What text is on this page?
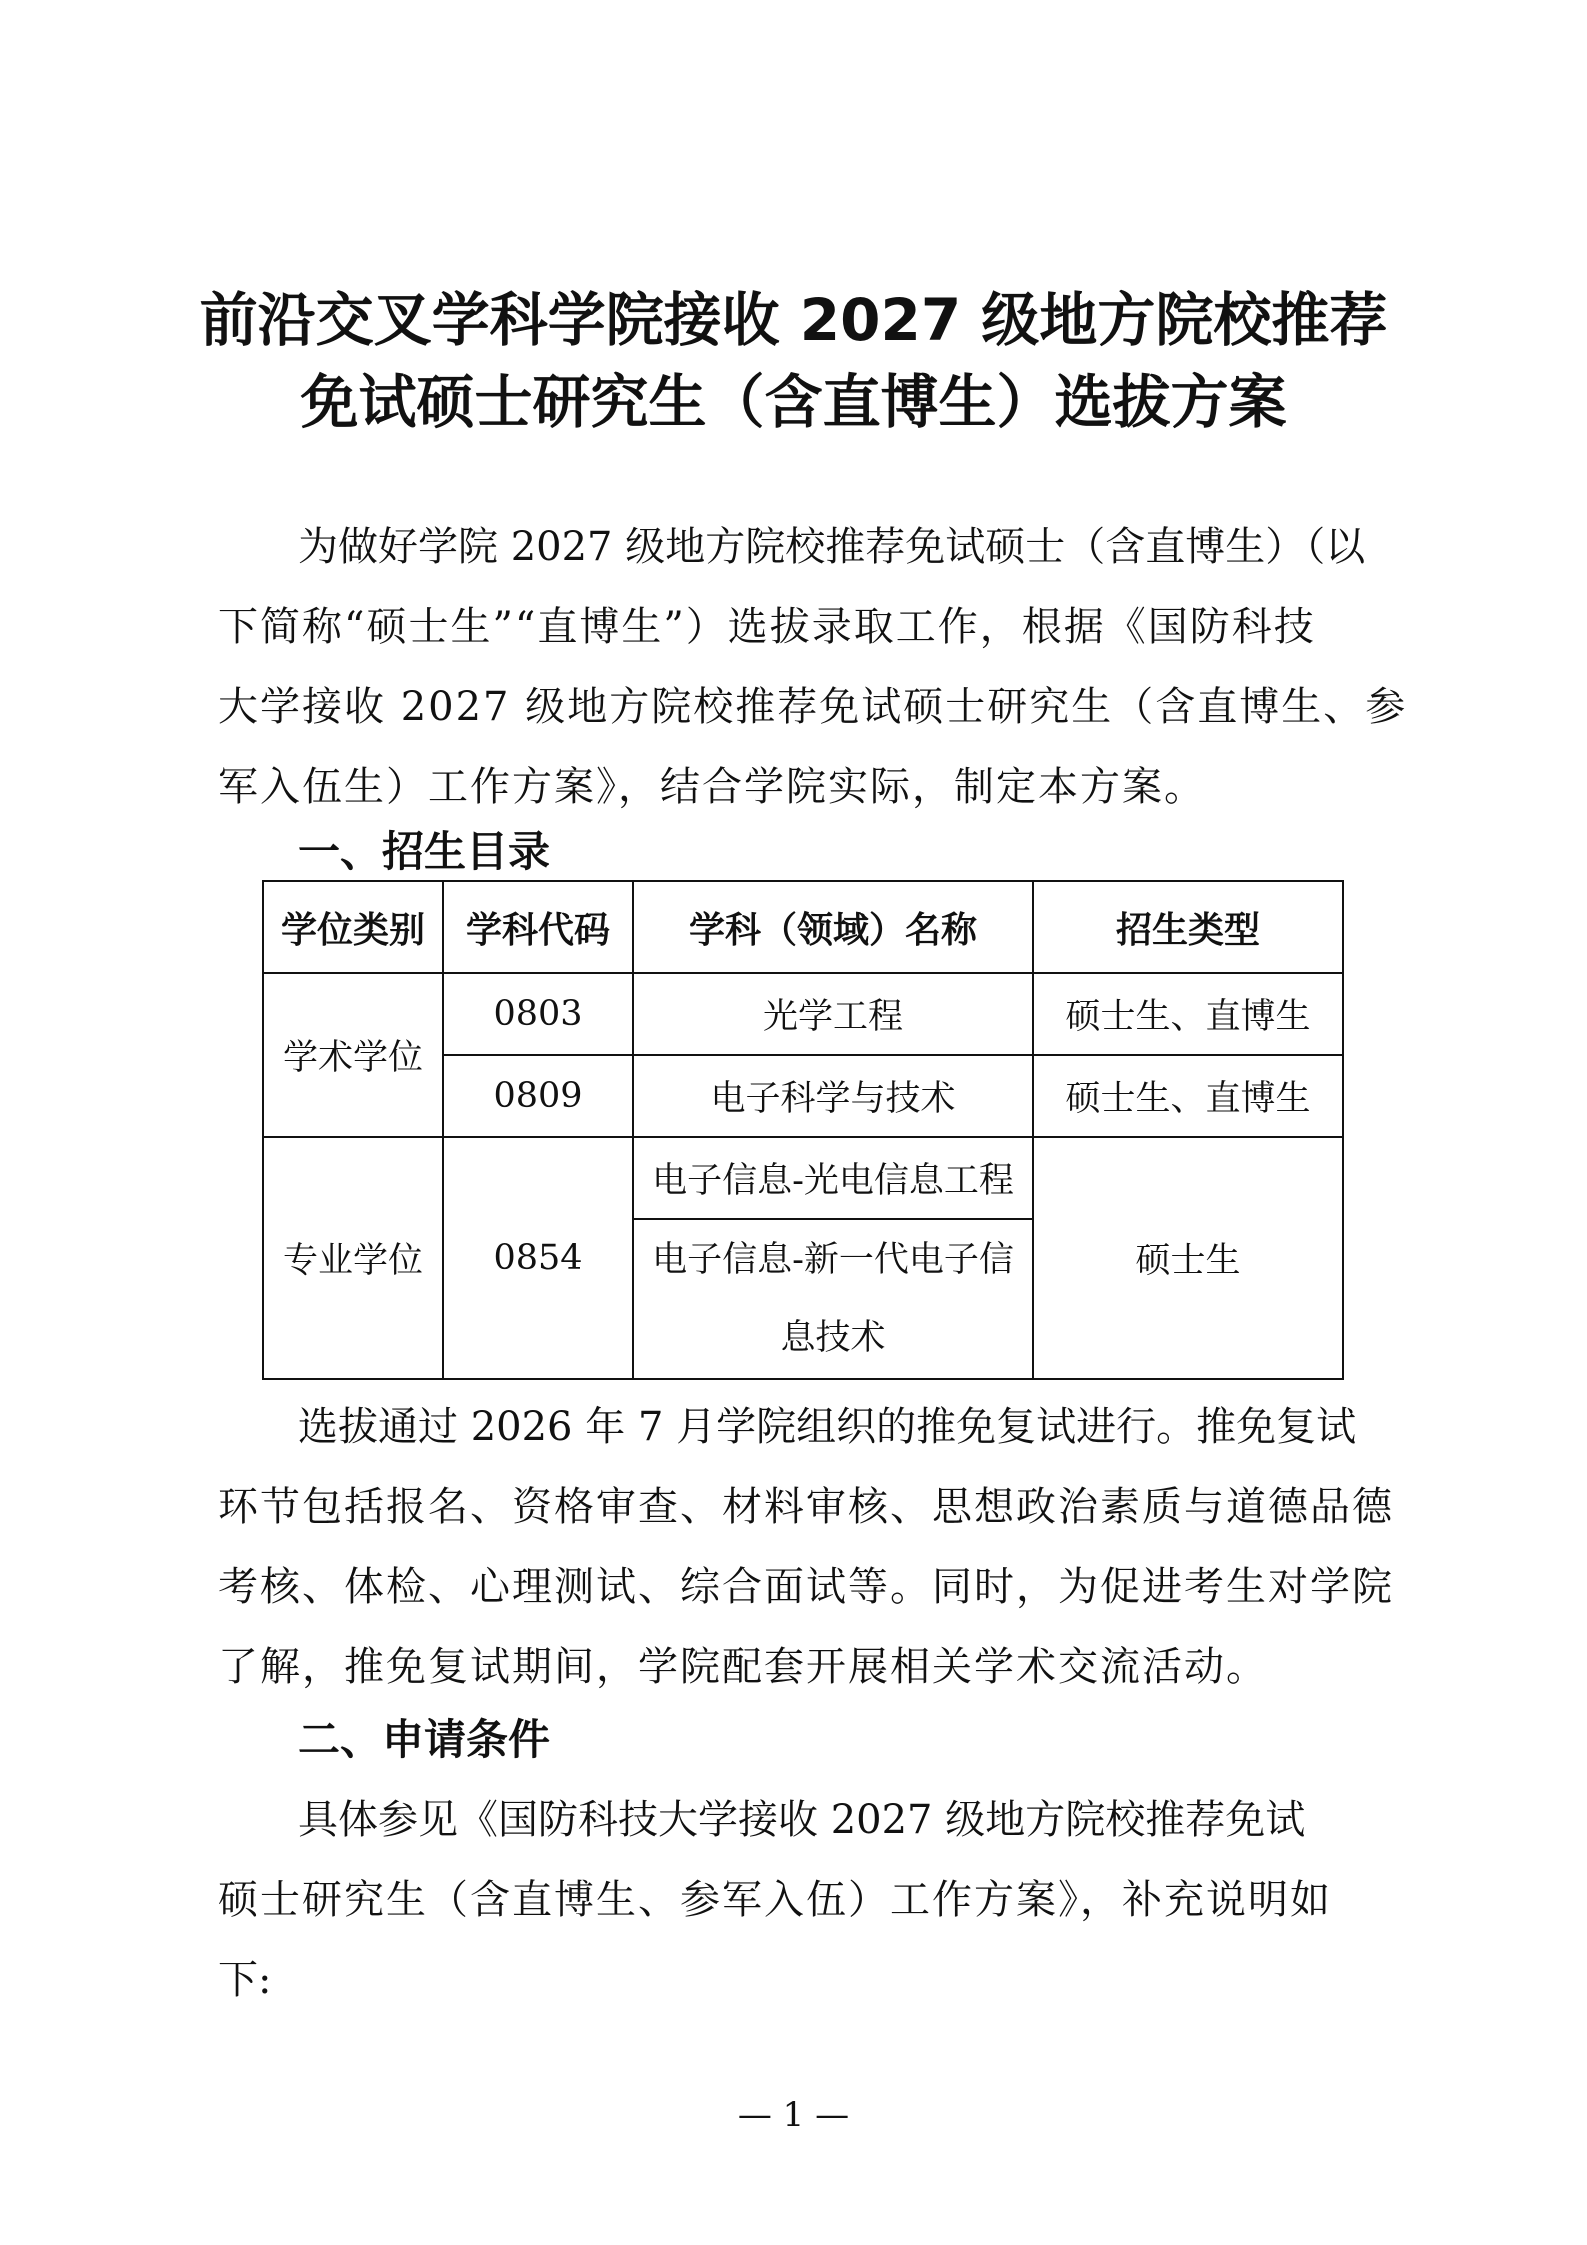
前沿交叉学科学院接收 2027 级地方院校推荐
免试硕士研究生（含直博生）选拔方案

为做好学院 2027 级地方院校推荐免试硕士（含直博生）（以

下简称“硕士生”“直博生”）选拔录取工作，根据《国防科技

大学接收 2027 级地方院校推荐免试硕士研究生（含直博生、参

军入伍生）工作方案》，结合学院实际，制定本方案。

一、招生目录
学位类别	学科代码	学科（领域）名称	招生类型
学术学位	0803	光学工程	硕士生、直博生
	0809	电子科学与技术	硕士生、直博生
专业学位	0854	电子信息-光电信息工程	硕士生
		电子信息-新一代电子信息技术	

选拔通过 2026 年 7 月学院组织的推免复试进行。推免复试

环节包括报名、资格审查、材料审核、思想政治素质与道德品德

考核、体检、心理测试、综合面试等。同时，为促进考生对学院

了解，推免复试期间，学院配套开展相关学术交流活动。

二、申请条件

具体参见《国防科技大学接收 2027 级地方院校推荐免试

硕士研究生（含直博生、参军入伍）工作方案》，补充说明如

下:

— 1 —
